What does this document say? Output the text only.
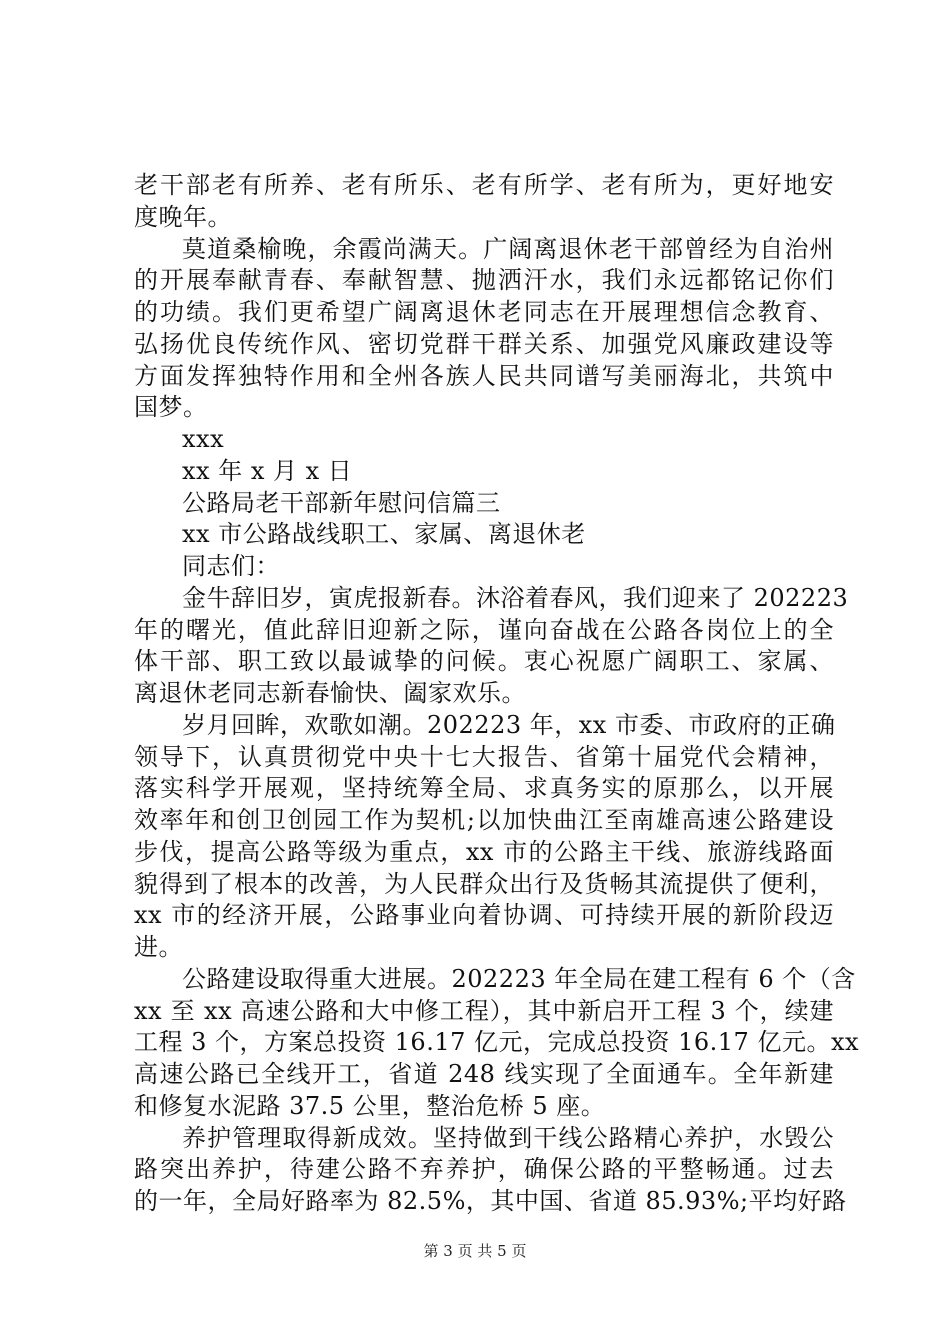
老干部老有所养、老有所乐、老有所学、老有所为，更好地安
度晚年。
莫道桑榆晚，余霞尚满天。广阔离退休老干部曾经为自治州
的开展奉献青春、奉献智慧、抛洒汗水，我们永远都铭记你们
的功绩。我们更希望广阔离退休老同志在开展理想信念教育、
弘扬优良传统作风、密切党群干群关系、加强党风廉政建设等
方面发挥独特作用和全州各族人民共同谱写美丽海北，共筑中
国梦。
xxx
xx 年 x 月 x 日
公路局老干部新年慰问信篇三
xx 市公路战线职工、家属、离退休老
同志们：
金牛辞旧岁，寅虎报新春。沐浴着春风，我们迎来了 202223
年的曙光，值此辞旧迎新之际，谨向奋战在公路各岗位上的全
体干部、职工致以最诚挚的问候。衷心祝愿广阔职工、家属、
离退休老同志新春愉快、阖家欢乐。
岁月回眸，欢歌如潮。202223 年，xx 市委、市政府的正确
领导下，认真贯彻党中央十七大报告、省第十届党代会精神，
落实科学开展观，坚持统筹全局、求真务实的原那么，以开展
效率年和创卫创园工作为契机;以加快曲江至南雄高速公路建设
步伐，提高公路等级为重点，xx 市的公路主干线、旅游线路面
貌得到了根本的改善，为人民群众出行及货畅其流提供了便利，
xx 市的经济开展，公路事业向着协调、可持续开展的新阶段迈
进。
公路建设取得重大进展。202223 年全局在建工程有 6 个（含
xx 至 xx 高速公路和大中修工程），其中新启开工程 3 个，续建
工程 3 个，方案总投资 16.17 亿元，完成总投资 16.17 亿元。xx
高速公路已全线开工，省道 248 线实现了全面通车。全年新建
和修复水泥路 37.5 公里，整治危桥 5 座。
养护管理取得新成效。坚持做到干线公路精心养护，水毁公
路突出养护，待建公路不弃养护，确保公路的平整畅通。过去
的一年，全局好路率为 82.5%，其中国、省道 85.93%;平均好路
第 3 页 共 5 页
